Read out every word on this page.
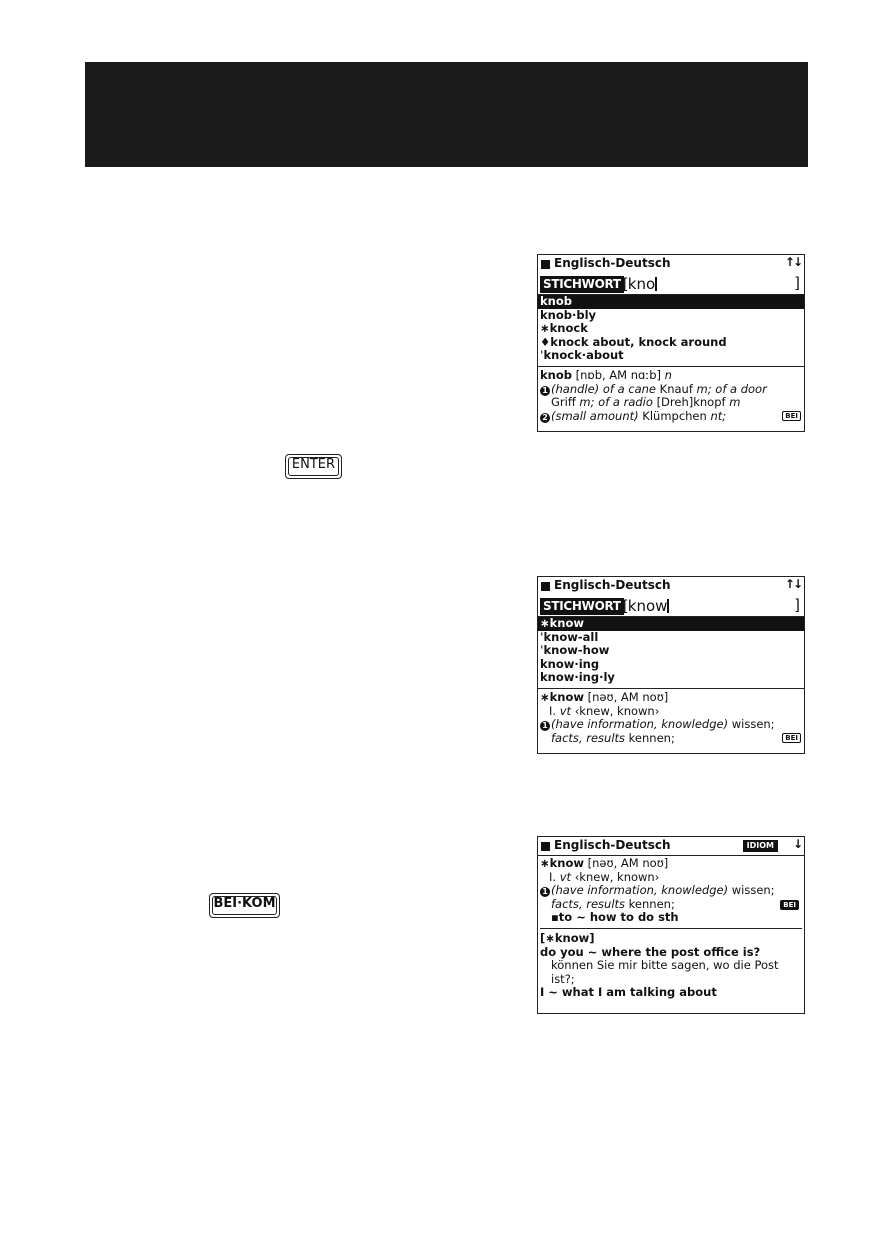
Englisch-Deutsch	↑↓
STICHWORT [ kno	]
knob
knob·bly
∗knock
♦knock about, knock around
ˈknock·about
knob [nɒb, AM nɑːb] n
1 (handle) of a cane Knauf m; of a door
Griff m; of a radio [Dreh]knopf m
2 (small amount) Klümpchen nt;	BEI
ENTER
Englisch-Deutsch	↑↓
STICHWORT [ know	]
∗know
ˈknow-all
ˈknow-how
know·ing
know·ing·ly
∗know [nəʊ, AM noʊ]
I. vt ‹knew, known›
1 (have information, knowledge) wissen;
facts, results kennen;	BEI
BEI·KOM
Englisch-Deutsch	IDIOM	↓
∗know [nəʊ, AM noʊ]
I. vt ‹knew, known›
1 (have information, knowledge) wissen;
facts, results kennen;	BEI
▪to ~ how to do sth
[∗know]
do you ~ where the post office is?
können Sie mir bitte sagen, wo die Post
ist?;
I ~ what I am talking about
